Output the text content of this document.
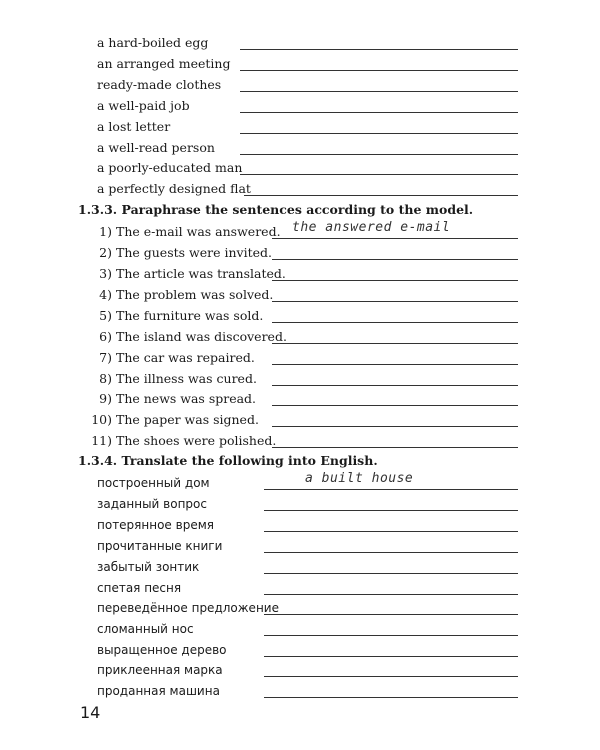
a hard-boiled egg
an arranged meeting
ready-made clothes
a well-paid job
a lost letter
a well-read person
a poorly-educated man
a perfectly designed flat
1.3.3. Paraphrase the sentences according to the model.
1) The e-mail was answered. the answered e-mail
2) The guests were invited.
3) The article was translated.
4) The problem was solved.
5) The furniture was sold.
6) The island was discovered.
7) The car was repaired.
8) The illness was cured.
9) The news was spread.
10) The paper was signed.
11) The shoes were polished.
1.3.4. Translate the following into English.
построенный дом	a built house
заданный вопрос
потерянное время
прочитанные книги
забытый зонтик
спетая песня
переведённое предложение
сломанный нос
выращенное дерево
приклеенная марка
проданная машина
14
